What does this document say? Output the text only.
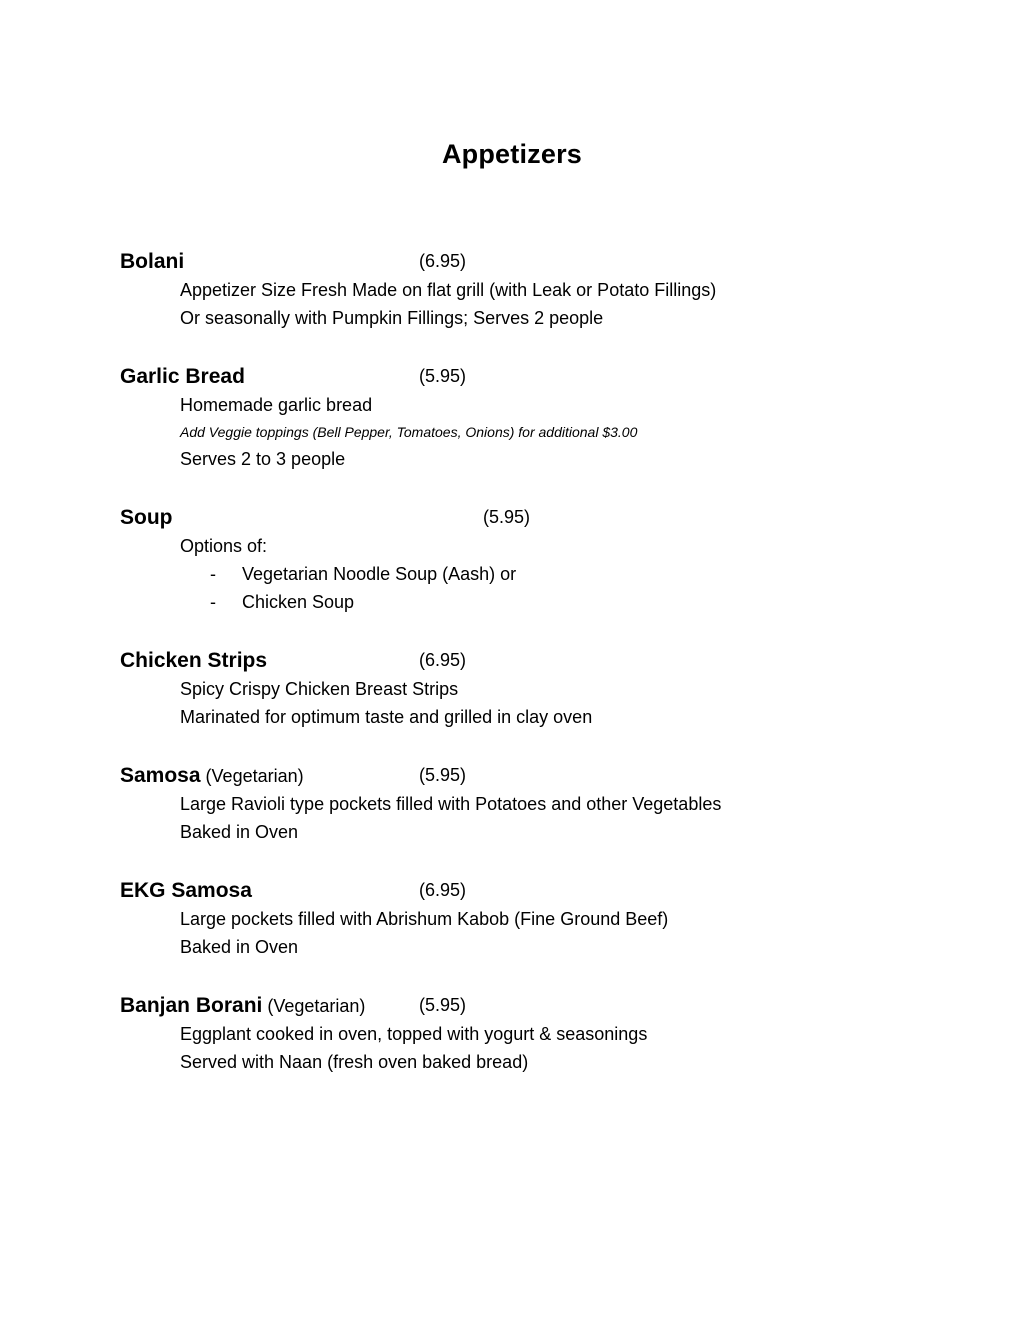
Appetizers
Bolani	(6.95)
Appetizer Size Fresh Made on flat grill (with Leak or Potato Fillings)
Or seasonally with Pumpkin Fillings; Serves 2 people
Garlic Bread	(5.95)
Homemade garlic bread
Add Veggie toppings (Bell Pepper, Tomatoes, Onions) for additional $3.00
Serves 2 to 3 people
Soup	(5.95)
Options of:
- Vegetarian Noodle Soup (Aash) or
- Chicken Soup
Chicken Strips	(6.95)
Spicy Crispy Chicken Breast Strips
Marinated for optimum taste and grilled in clay oven
Samosa (Vegetarian)	(5.95)
Large Ravioli type pockets filled with Potatoes and other Vegetables
Baked in Oven
EKG Samosa	(6.95)
Large pockets filled with Abrishum Kabob (Fine Ground Beef)
Baked in Oven
Banjan Borani (Vegetarian)	(5.95)
Eggplant cooked in oven, topped with yogurt & seasonings
Served with Naan (fresh oven baked bread)
